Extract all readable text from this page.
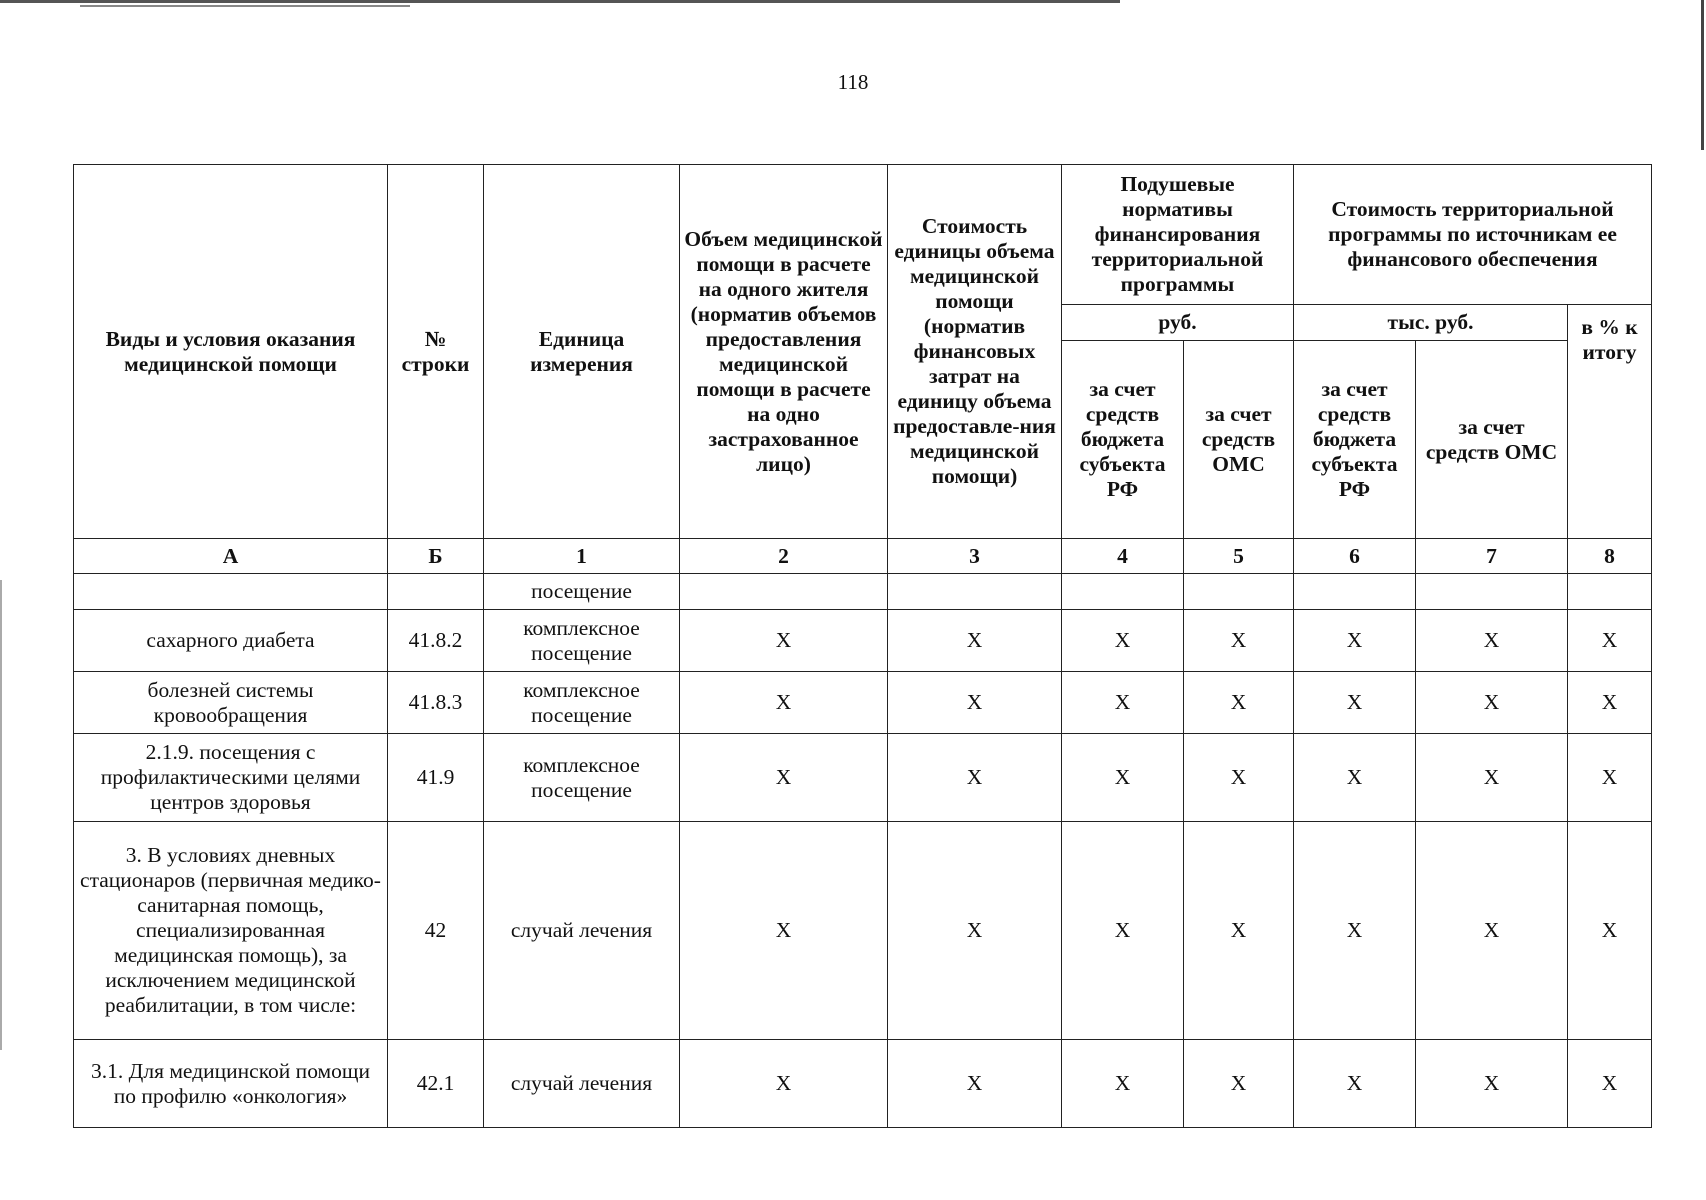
118
Виды и условия оказания медицинской помощи	№ строки	Единица измерения	Объем медицинской помощи в расчете на одного жителя (норматив объемов предоставления медицинской помощи в расчете на одно застрахованное лицо)	Стоимость единицы объема медицинской помощи (норматив финансовых затрат на единицу объема предоставле-ния медицинской помощи)	Подушевые нормативы финансирования территориальной программы		Стоимость территориальной программы по источникам ее финансового обеспечения		
					руб.		тыс. руб.		в % к итогу
					за счет средств бюджета субъекта РФ	за счет средств ОМС	за счет средств бюджета субъекта РФ	за счет средств ОМС	
А	Б	1	2	3	4	5	6	7	8
		посещение							
сахарного диабета	41.8.2	комплексное посещение	X	X	X	X	X	X	X
болезней системы кровообращения	41.8.3	комплексное посещение	X	X	X	X	X	X	X
2.1.9. посещения с профилактическими целями центров здоровья	41.9	комплексное посещение	X	X	X	X	X	X	X
3. В условиях дневных стационаров (первичная медико-санитарная помощь, специализированная медицинская помощь), за исключением медицинской реабилитации, в том числе:	42	случай лечения	X	X	X	X	X	X	X
3.1. Для медицинской помощи по профилю «онкология»	42.1	случай лечения	X	X	X	X	X	X	X
